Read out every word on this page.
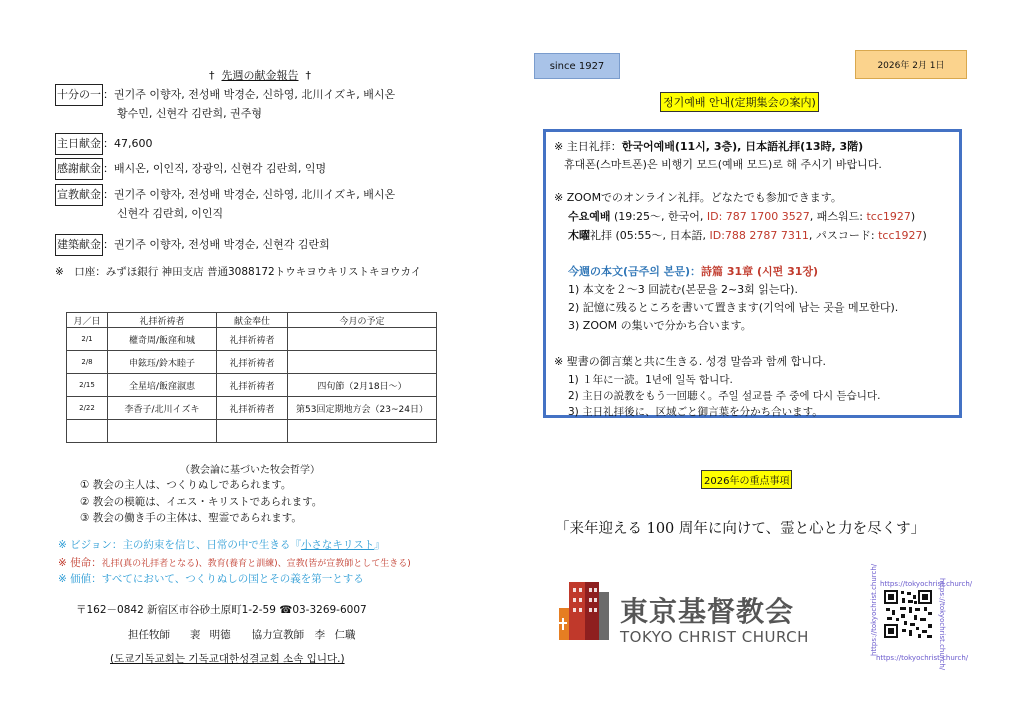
† 先週の献金報告 †
十分の一 ：권기주 이향자, 전성배 박경순, 신하영, 北川イズキ, 배시온
황수민, 신현각 김란희, 권주형
主日献金 ：47,600
感謝献金 ：배시온, 이인직, 장광익, 신현각 김란희, 익명
宣教献金 ：권기주 이향자, 전성배 박경순, 신하영, 北川イズキ, 배시온
신현각 김란희, 이인직
建築献金 ：권기주 이향자, 전성배 박경순, 신현각 김란희
※　口座：みずほ銀行 神田支店 普通3088172トウキヨウキリストキヨウカイ
月／日	礼拝祈祷者	献金奉仕	今月の予定
2/1	權奇周/飯窪和城	礼拝祈祷者	
2/8	申鉉珏/鈴木睦子	礼拝祈祷者	
2/15	全星培/飯窪淑恵	礼拝祈祷者	四旬節（2月18日～）
2/22	李香子/北川イズキ	礼拝祈祷者	第53回定期地方会（23~24日）

（教会論に基づいた牧会哲学）
① 教会の主人は、つくりぬしであられます。
② 教会の模範は、イエス・キリストであられます。
③ 教会の働き手の主体は、聖霊であられます。
※ ビジョン：主の約束を信じ、日常の中で生きる『小さなキリスト』
※ 使命：礼拝(真の礼拝者となる)、教育(養育と訓練)、宣教(皆が宣教師として生きる)
※ 価値：すべてにおいて、つくりぬしの国とその義を第一とする
〒162－0842 新宿区市谷砂土原町1-2-59 ☎03-3269-6007
担任牧師　 裵 明德　　協力宣教師　李 仁職
(도쿄기독교회는 기독교대한성결교회 소속 입니다.)
since 1927	2026年 2月 1日
정기예배 안내(定期集会の案内)
※ 主日礼拝：한국어예배(11시, 3층), 日本語礼拝(13時, 3階)
휴대폰(스마트폰)은 비행기 모드(예배 모드)로 해 주시기 바랍니다.
※ ZOOMでのオンライン礼拝。どなたでも参加できます。
수요예배 (19:25～, 한국어, ID: 787 1700 3527, 패스워드: tcc1927)
木曜礼拝 (05:55～, 日本語, ID:788 2787 7311, パスコード: tcc1927)
今週の本文(금주의 본문)：詩篇 31章 (시편 31장)
1) 本文を２～3 回読む(본문을 2~3회 읽는다).
2) 記憶に残るところを書いて置きます(기억에 남는 곳을 메모한다).
3) ZOOM の集いで分かち合います。
※ 聖書の御言葉と共に生きる. 성경 말씀과 함께 합니다.
1) １年に一読。1년에 일독 합니다.
2) 主日の説教をもう一回聴く。주일 설교를 주 중에 다시 듣습니다.
3) 主日礼拝後に、区域ごと御言葉を分かち合います。
2026年の重点事項
「来年迎える 100 周年に向けて、霊と心と力を尽くす」
東京基督教会
TOKYO CHRIST CHURCH	https://tokyochrist.church/	https://tokyochrist.church/
https://tokyochrist.church/
https://tokyochrist.church/
